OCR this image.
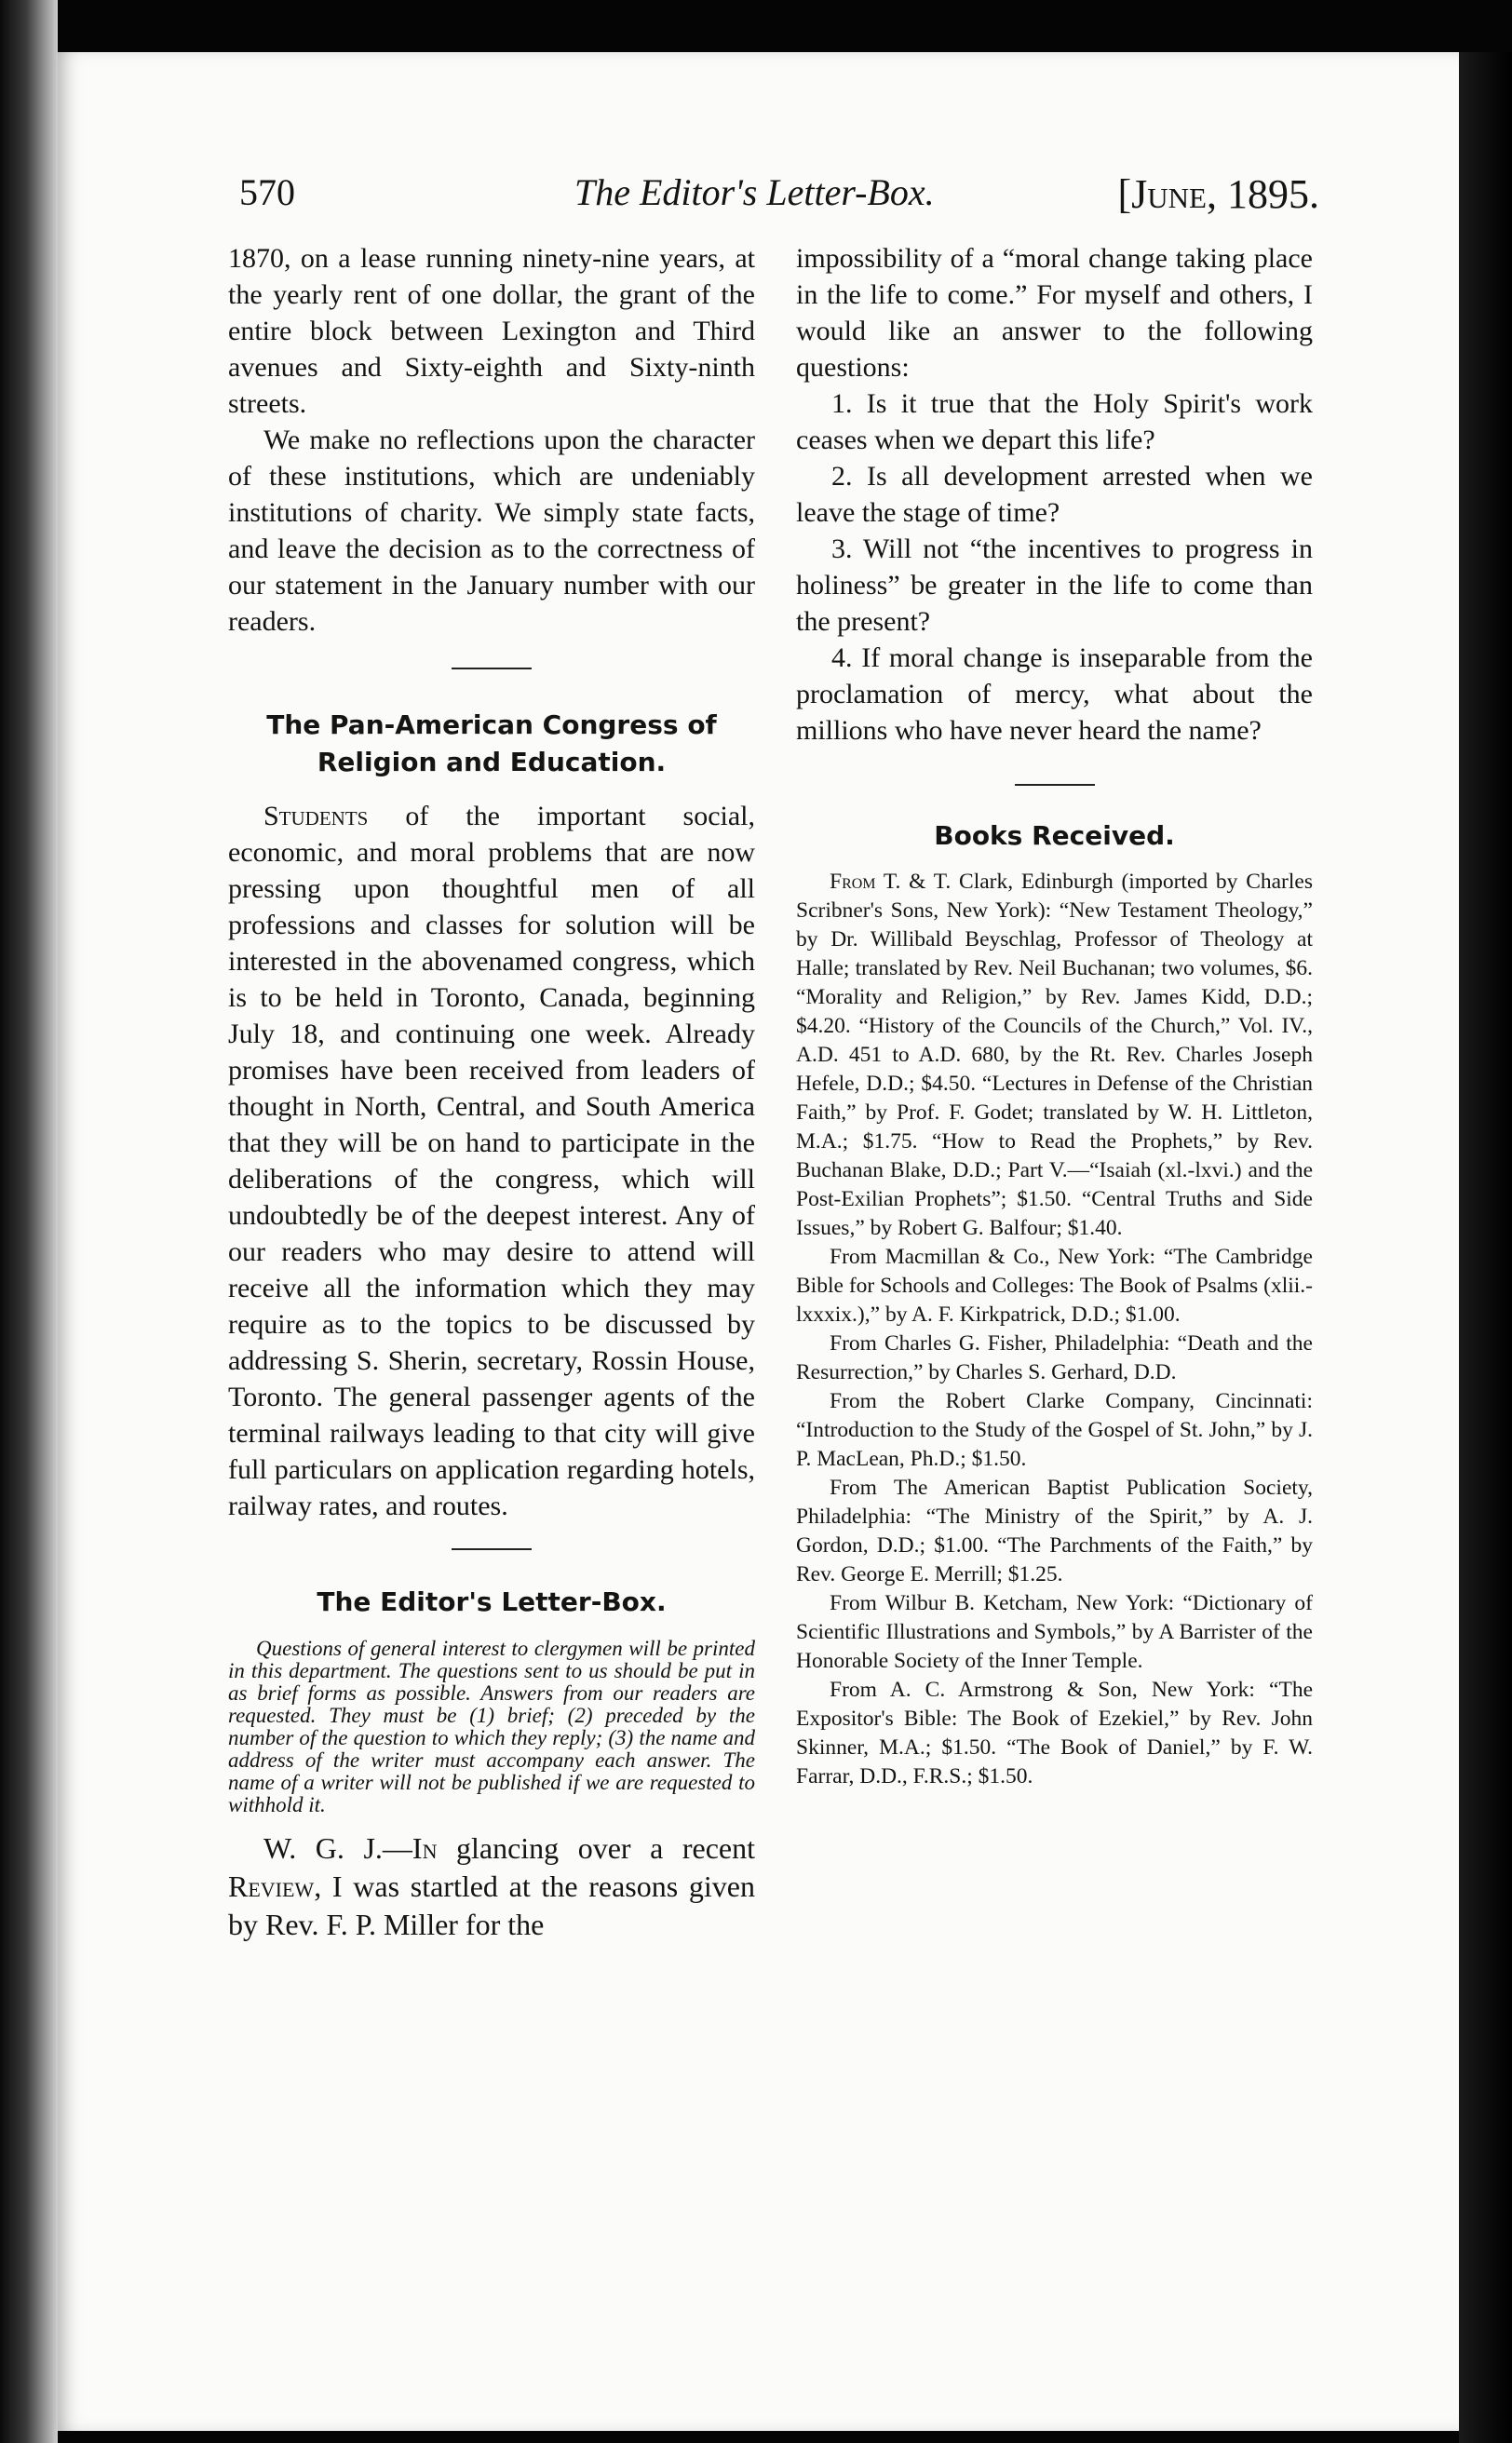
570	The Editor's Letter-Box.	[June, 1895.

1870, on a lease running ninety-nine years, at the yearly rent of one dollar, the grant of the entire block between Lexington and Third avenues and Sixty-eighth and Sixty-ninth streets.

We make no reflections upon the character of these institutions, which are undeniably institutions of charity. We simply state facts, and leave the decision as to the correctness of our statement in the January number with our readers.

The Pan-American Congress of Religion and Education.

Students of the important social, economic, and moral problems that are now pressing upon thoughtful men of all professions and classes for solution will be interested in the abovenamed congress, which is to be held in Toronto, Canada, beginning July 18, and continuing one week. Already promises have been received from leaders of thought in North, Central, and South America that they will be on hand to participate in the deliberations of the congress, which will undoubtedly be of the deepest interest. Any of our readers who may desire to attend will receive all the information which they may require as to the topics to be discussed by addressing S. Sherin, secretary, Rossin House, Toronto. The general passenger agents of the terminal railways leading to that city will give full particulars on application regarding hotels, railway rates, and routes.

The Editor's Letter-Box.

Questions of general interest to clergymen will be printed in this department. The questions sent to us should be put in as brief forms as possible. Answers from our readers are requested. They must be (1) brief; (2) preceded by the number of the question to which they reply; (3) the name and address of the writer must accompany each answer. The name of a writer will not be published if we are requested to withhold it.

W. G. J.—In glancing over a recent Review, I was startled at the reasons given by Rev. F. P. Miller for the

impossibility of a “moral change taking place in the life to come.” For myself and others, I would like an answer to the following questions:

1. Is it true that the Holy Spirit's work ceases when we depart this life?

2. Is all development arrested when we leave the stage of time?

3. Will not “the incentives to progress in holiness” be greater in the life to come than the present?

4. If moral change is inseparable from the proclamation of mercy, what about the millions who have never heard the name?

Books Received.

From T. & T. Clark, Edinburgh (imported by Charles Scribner's Sons, New York): “New Testament Theology,” by Dr. Willibald Beyschlag, Professor of Theology at Halle; translated by Rev. Neil Buchanan; two volumes, $6. “Morality and Religion,” by Rev. James Kidd, D.D.; $4.20. “History of the Councils of the Church,” Vol. IV., A.D. 451 to A.D. 680, by the Rt. Rev. Charles Joseph Hefele, D.D.; $4.50. “Lectures in Defense of the Christian Faith,” by Prof. F. Godet; translated by W. H. Littleton, M.A.; $1.75. “How to Read the Prophets,” by Rev. Buchanan Blake, D.D.; Part V.—“Isaiah (xl.-lxvi.) and the Post-Exilian Prophets”; $1.50. “Central Truths and Side Issues,” by Robert G. Balfour; $1.40.

From Macmillan & Co., New York: “The Cambridge Bible for Schools and Colleges: The Book of Psalms (xlii.-lxxxix.),” by A. F. Kirkpatrick, D.D.; $1.00.

From Charles G. Fisher, Philadelphia: “Death and the Resurrection,” by Charles S. Gerhard, D.D.

From the Robert Clarke Company, Cincinnati: “Introduction to the Study of the Gospel of St. John,” by J. P. MacLean, Ph.D.; $1.50.

From The American Baptist Publication Society, Philadelphia: “The Ministry of the Spirit,” by A. J. Gordon, D.D.; $1.00. “The Parchments of the Faith,” by Rev. George E. Merrill; $1.25.

From Wilbur B. Ketcham, New York: “Dictionary of Scientific Illustrations and Symbols,” by A Barrister of the Honorable Society of the Inner Temple.

From A. C. Armstrong & Son, New York: “The Expositor's Bible: The Book of Ezekiel,” by Rev. John Skinner, M.A.; $1.50. “The Book of Daniel,” by F. W. Farrar, D.D., F.R.S.; $1.50.
